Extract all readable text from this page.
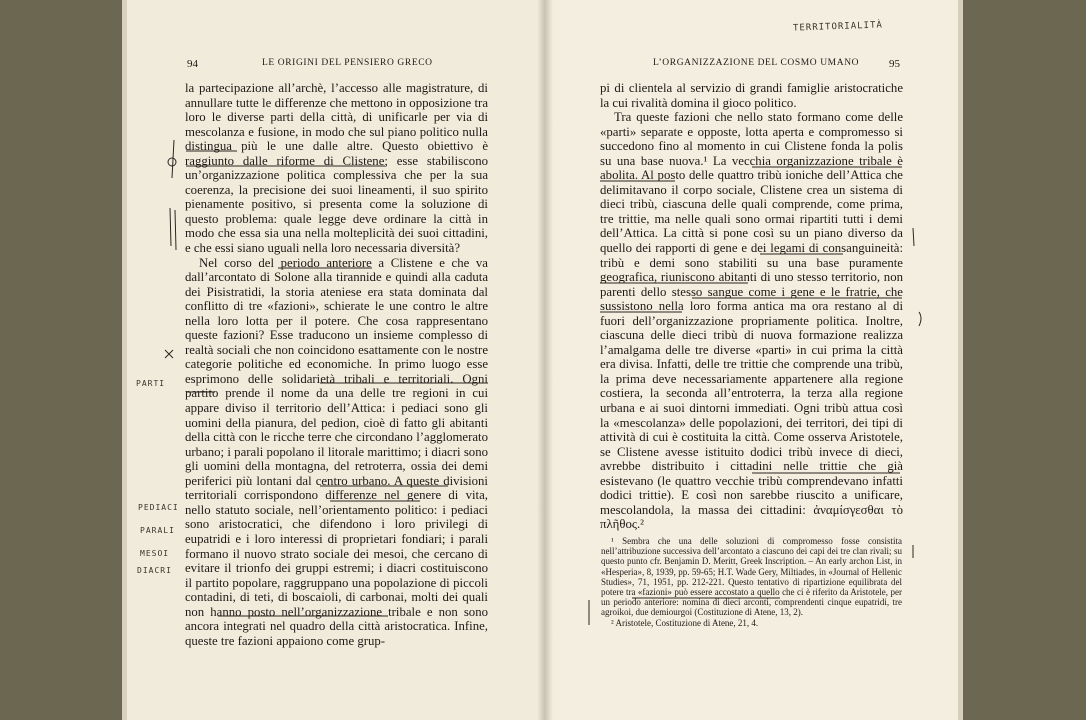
94	LE ORIGINI DEL PENSIERO GRECO	L’ORGANIZZAZIONE DEL COSMO UMANO	95

la partecipazione all’archè, l’accesso alle magistrature, di annullare tutte le differenze che mettono in opposizione tra loro le diverse parti della città, di unificarle per via di mescolanza e fusione, in modo che sul piano politico nulla distingua più le une dalle altre. Questo obiettivo è raggiunto dalle riforme di Clistene; esse stabiliscono un’organizzazione politica complessiva che per la sua coerenza, la precisione dei suoi lineamenti, il suo spirito pienamente positivo, si presenta come la soluzione di questo problema: quale legge deve ordinare la città in modo che essa sia una nella molteplicità dei suoi cittadini, e che essi siano uguali nella loro necessaria diversità?

Nel corso del periodo anteriore a Clistene e che va dall’arcontato di Solone alla tirannide e quindi alla caduta dei Pisistratidi, la storia ateniese era stata dominata dal conflitto di tre «fazioni», schierate le une contro le altre nella loro lotta per il potere. Che cosa rappresentano queste fazioni? Esse traducono un insieme complesso di realtà sociali che non coincidono esattamente con le nostre categorie politiche ed economiche. In primo luogo esse esprimono delle solidarietà tribali e territoriali. Ogni partito prende il nome da una delle tre regioni in cui appare diviso il territorio dell’Attica: i pediaci sono gli uomini della pianura, del pedion, cioè di fatto gli abitanti della città con le ricche terre che circondano l’agglomerato urbano; i parali popolano il litorale marittimo; i diacri sono gli uomini della montagna, del retroterra, ossia dei demi periferici più lontani dal centro urbano. A queste divisioni territoriali corrispondono differenze nel genere di vita, nello statuto sociale, nell’orientamento politico: i pediaci sono aristocratici, che difendono i loro privilegi di eupatridi e i loro interessi di proprietari fondiari; i parali formano il nuovo strato sociale dei mesoi, che cercano di evitare il trionfo dei gruppi estremi; i diacri costituiscono il partito popolare, raggruppano una popolazione di piccoli contadini, di teti, di boscaioli, di carbonai, molti dei quali non hanno posto nell’organizzazione tribale e non sono ancora integrati nel quadro della città aristocratica. Infine, queste tre fazioni appaiono come grup-

pi di clientela al servizio di grandi famiglie aristocratiche la cui rivalità domina il gioco politico.

Tra queste fazioni che nello stato formano come delle «parti» separate e opposte, lotta aperta e compromesso si succedono fino al momento in cui Clistene fonda la polis su una base nuova.¹ La vecchia organizzazione tribale è abolita. Al posto delle quattro tribù ioniche dell’Attica che delimitavano il corpo sociale, Clistene crea un sistema di dieci tribù, ciascuna delle quali comprende, come prima, tre trittie, ma nelle quali sono ormai ripartiti tutti i demi dell’Attica. La città si pone così su un piano diverso da quello dei rapporti di gene e dei legami di consanguineità: tribù e demi sono stabiliti su una base puramente geografica, riuniscono abitanti di uno stesso territorio, non parenti dello stesso sangue come i gene e le fratrie, che sussistono nella loro forma antica ma ora restano al di fuori dell’organizzazione propriamente politica. Inoltre, ciascuna delle dieci tribù di nuova formazione realizza l’amalgama delle tre diverse «parti» in cui prima la città era divisa. Infatti, delle tre trittie che comprende una tribù, la prima deve necessariamente appartenere alla regione costiera, la seconda all’entroterra, la terza alla regione urbana e ai suoi dintorni immediati. Ogni tribù attua così la «mescolanza» delle popolazioni, dei territori, dei tipi di attività di cui è costituita la città. Come osserva Aristotele, se Clistene avesse istituito dodici tribù invece di dieci, avrebbe distribuito i cittadini nelle trittie che già esistevano (le quattro vecchie tribù comprendevano infatti dodici trittie). E così non sarebbe riuscito a unificare, mescolandola, la massa dei cittadini: ἀναμίσγεσθαι τὸ πλῆθος.²

¹ Sembra che una delle soluzioni di compromesso fosse consistita nell’attribuzione successiva dell’arcontato a ciascuno dei capi dei tre clan rivali; su questo punto cfr. Benjamin D. Meritt, Greek Inscription. – An early archon List, in «Hesperia», 8, 1939, pp. 59-65; H.T. Wade Gery, Miltiades, in «Journal of Hellenic Studies», 71, 1951, pp. 212-221. Questo tentativo di ripartizione equilibrata del potere tra «fazioni» può essere accostato a quello che ci è riferito da Aristotele, per un periodo anteriore: nomina di dieci arconti, comprendenti cinque eupatridi, tre agroikoi, due demiourgoi (Costituzione di Atene, 13, 2).

² Aristotele, Costituzione di Atene, 21, 4.

TERRITORIALITÀ
PARTI
PEDIACI
PARALI
MESOI
DIACRI
